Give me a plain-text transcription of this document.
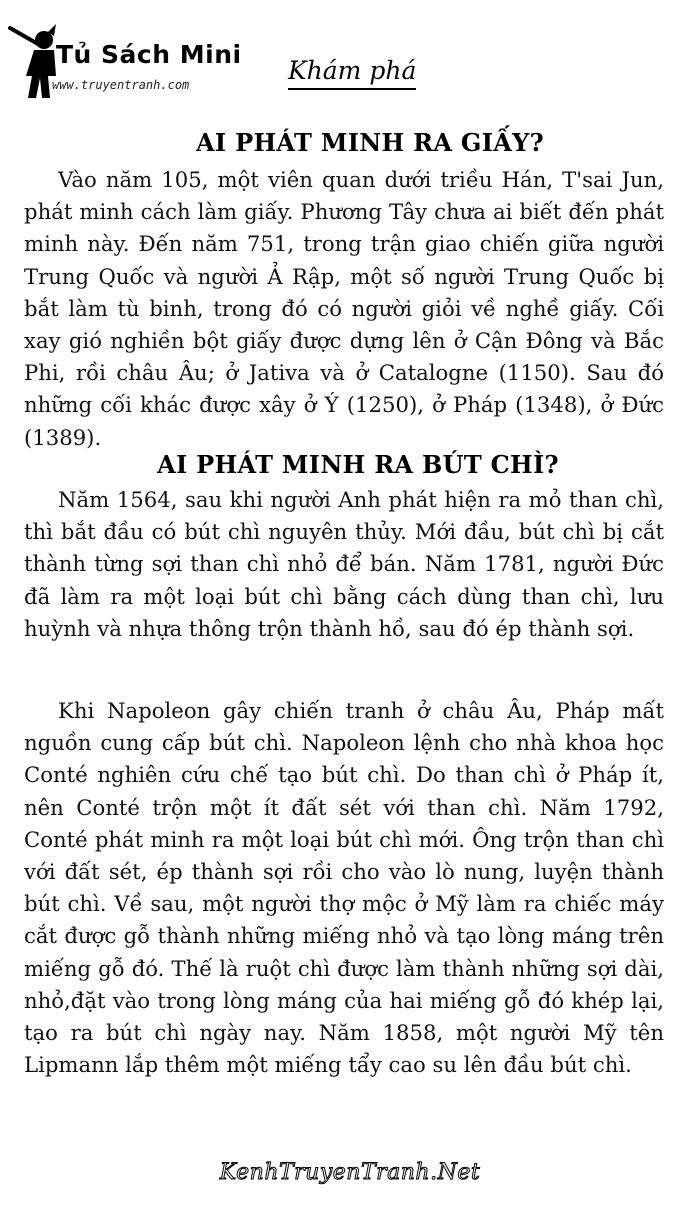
Tủ Sách Mini
www.truyentranh.com	Khám phá
AI PHÁT MINH RA GIẤY?

Vào năm 105, một viên quan dưới triều Hán, T'sai Jun, phát minh cách làm giấy. Phương Tây chưa ai biết đến phát minh này. Đến năm 751, trong trận giao chiến giữa người Trung Quốc và người Ả Rập, một số người Trung Quốc bị bắt làm tù binh, trong đó có người giỏi về nghề giấy. Cối xay gió nghiền bột giấy được dựng lên ở Cận Đông và Bắc Phi, rồi châu Âu; ở Jativa và ở Catalogne (1150). Sau đó những cối khác được xây ở Ý (1250), ở Pháp (1348), ở Đức (1389).

AI PHÁT MINH RA BÚT CHÌ?

Năm 1564, sau khi người Anh phát hiện ra mỏ than chì, thì bắt đầu có bút chì nguyên thủy. Mới đầu, bút chì bị cắt thành từng sợi than chì nhỏ để bán. Năm 1781, người Đức đã làm ra một loại bút chì bằng cách dùng than chì, lưu huỳnh và nhựa thông trộn thành hồ, sau đó ép thành sợi.

Khi Napoleon gây chiến tranh ở châu Âu, Pháp mất nguồn cung cấp bút chì. Napoleon lệnh cho nhà khoa học Conté nghiên cứu chế tạo bút chì. Do than chì ở Pháp ít, nên Conté trộn một ít đất sét với than chì. Năm 1792, Conté phát minh ra một loại bút chì mới. Ông trộn than chì với đất sét, ép thành sợi rồi cho vào lò nung, luyện thành bút chì. Về sau, một người thợ mộc ở Mỹ làm ra chiếc máy cắt được gỗ thành những miếng nhỏ và tạo lòng máng trên miếng gỗ đó. Thế là ruột chì được làm thành những sợi dài, nhỏ,đặt vào trong lòng máng của hai miếng gỗ đó khép lại, tạo ra bút chì ngày nay. Năm 1858, một người Mỹ tên Lipmann lắp thêm một miếng tẩy cao su lên đầu bút chì.

KenhTruyenTranh.Net
